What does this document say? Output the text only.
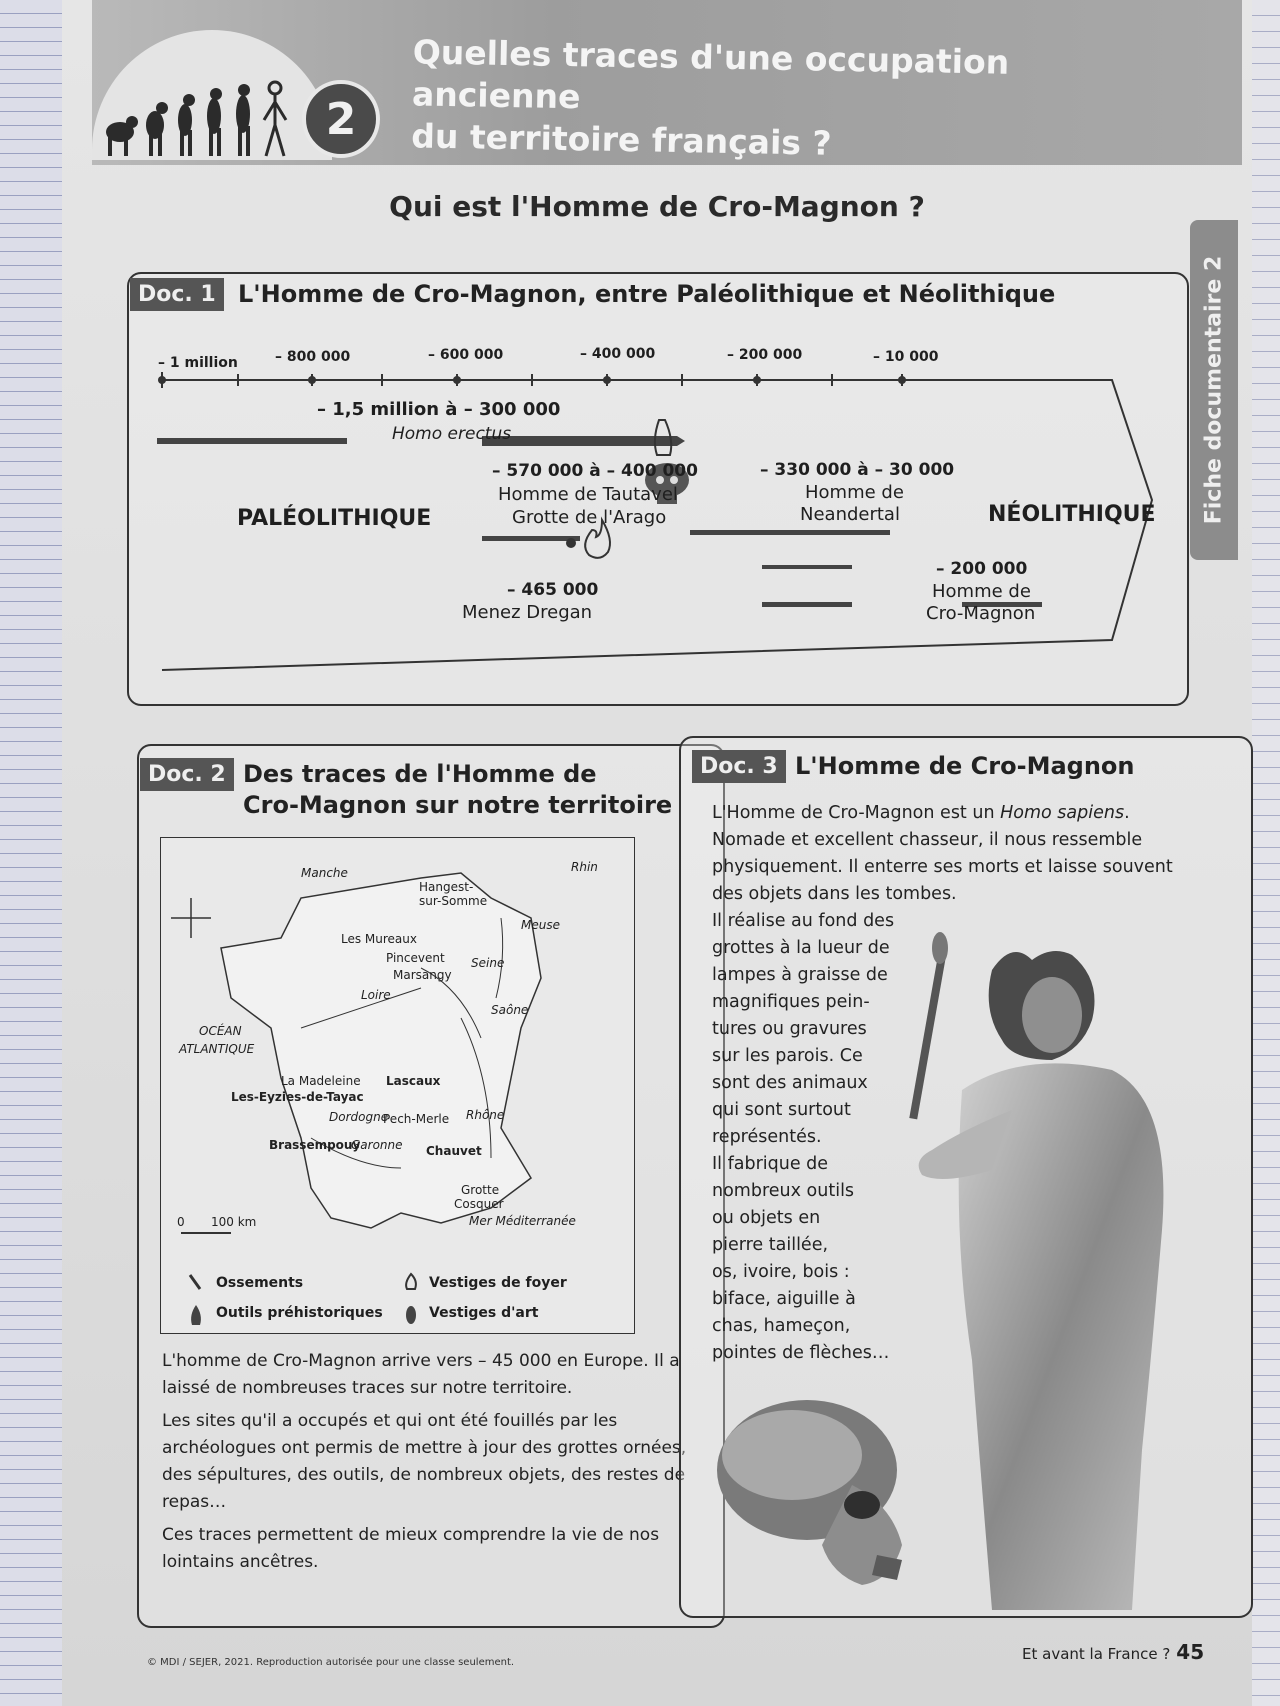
2
Quelles traces d'une occupation ancienne
du territoire français ?
Fiche documentaire 2
Qui est l'Homme de Cro-Magnon ?
Doc. 1 L'Homme de Cro-Magnon, entre Paléolithique et Néolithique
– 1 million	– 800 000	– 600 000	– 400 000	– 200 000	– 10 000
– 1,5 million à – 300 000
Homo erectus
– 570 000 à – 400 000
Homme de Tautavel
Grotte de l'Arago
– 330 000 à – 30 000
Homme de
Neandertal
PALÉOLITHIQUE	NÉOLITHIQUE
– 465 000
Menez Dregan
– 200 000
Homme de
Cro-Magnon
Doc. 2 Des traces de l'Homme de
Cro-Magnon sur notre territoire
Manche
Hangest-
sur-Somme
Rhin
Meuse
Les Mureaux
Pincevent
Marsangy
Seine
Loire
Saône
OCÉAN
ATLANTIQUE
La Madeleine Lascaux
Les-Eyzies-de-Tayac
Dordogne
Pech-Merle Rhône
Brassempouy
Garonne Chauvet
Grotte
Cosquer
Mer Méditerranée
0 100 km
Ossements	Vestiges de foyer
Outils préhistoriques	Vestiges d'art

L'homme de Cro-Magnon arrive vers – 45 000 en Europe. Il a laissé de nombreuses traces sur notre territoire.

Les sites qu'il a occupés et qui ont été fouillés par les archéologues ont permis de mettre à jour des grottes ornées, des sépultures, des outils, de nombreux objets, des restes de repas…

Ces traces permettent de mieux comprendre la vie de nos lointains ancêtres.

Doc. 3 L'Homme de Cro-Magnon
L'Homme de Cro-Magnon est un Homo sapiens. Nomade et excellent chasseur, il nous ressemble physiquement. Il enterre ses morts et laisse souvent des objets dans les tombes.
Il réalise au fond des
grottes à la lueur de
lampes à graisse de
magnifiques pein-
tures ou gravures
sur les parois. Ce
sont des animaux
qui sont surtout
représentés.
Il fabrique de
nombreux outils
ou objets en
pierre taillée,
os, ivoire, bois :
biface, aiguille à
chas, hameçon,
pointes de flèches…
© MDI / SEJER, 2021. Reproduction autorisée pour une classe seulement.	Et avant la France ? 45
